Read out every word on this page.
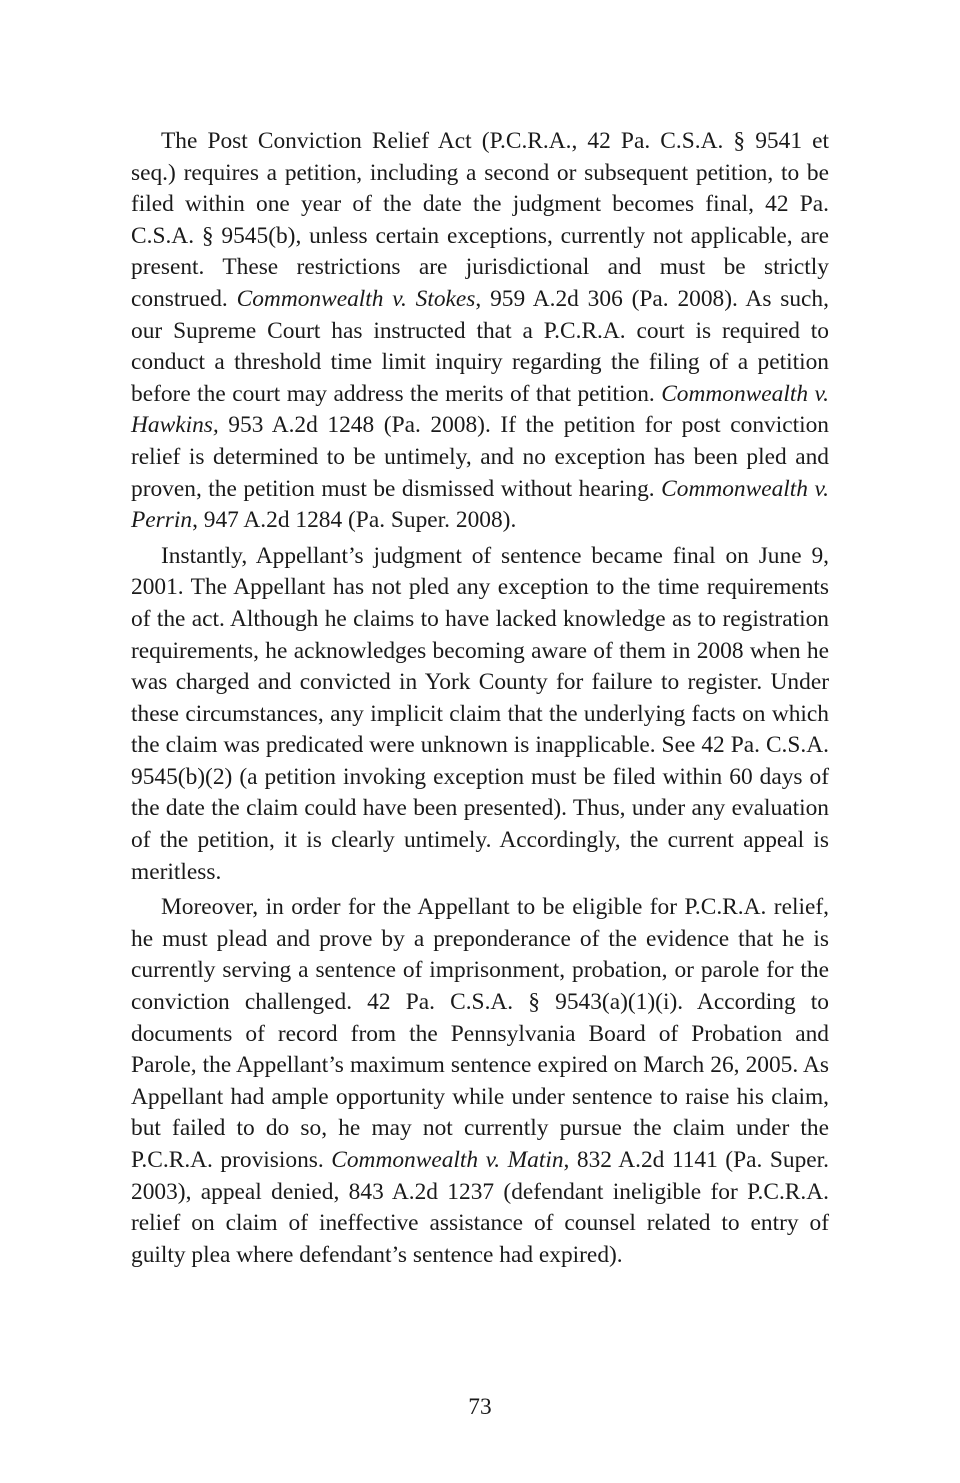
The Post Conviction Relief Act (P.C.R.A., 42 Pa. C.S.A. § 9541 et seq.) requires a petition, including a second or subsequent petition, to be filed within one year of the date the judgment becomes final, 42 Pa. C.S.A. § 9545(b), unless certain exceptions, currently not applicable, are present. These restrictions are jurisdictional and must be strictly construed. Commonwealth v. Stokes, 959 A.2d 306 (Pa. 2008). As such, our Supreme Court has instructed that a P.C.R.A. court is required to conduct a threshold time limit inquiry regarding the filing of a petition before the court may address the merits of that petition. Commonwealth v. Hawkins, 953 A.2d 1248 (Pa. 2008). If the petition for post conviction relief is determined to be untimely, and no exception has been pled and proven, the petition must be dismissed without hearing. Commonwealth v. Perrin, 947 A.2d 1284 (Pa. Super. 2008).

Instantly, Appellant’s judgment of sentence became final on June 9, 2001. The Appellant has not pled any exception to the time requirements of the act. Although he claims to have lacked knowledge as to registration requirements, he acknowledges becoming aware of them in 2008 when he was charged and convicted in York County for failure to register. Under these circumstances, any implicit claim that the underlying facts on which the claim was predicated were unknown is inapplicable. See 42 Pa. C.S.A. 9545(b)(2) (a petition invoking exception must be filed within 60 days of the date the claim could have been presented). Thus, under any evaluation of the petition, it is clearly untimely. Accordingly, the current appeal is meritless.

Moreover, in order for the Appellant to be eligible for P.C.R.A. relief, he must plead and prove by a preponderance of the evidence that he is currently serving a sentence of imprisonment, probation, or parole for the conviction challenged. 42 Pa. C.S.A. § 9543(a)(1)(i). According to documents of record from the Pennsylvania Board of Probation and Parole, the Appellant’s maximum sentence expired on March 26, 2005. As Appellant had ample opportunity while under sentence to raise his claim, but failed to do so, he may not currently pursue the claim under the P.C.R.A. provisions. Commonwealth v. Matin, 832 A.2d 1141 (Pa. Super. 2003), appeal denied, 843 A.2d 1237 (defendant ineligible for P.C.R.A. relief on claim of ineffective assistance of counsel related to entry of guilty plea where defendant’s sentence had expired).

73
